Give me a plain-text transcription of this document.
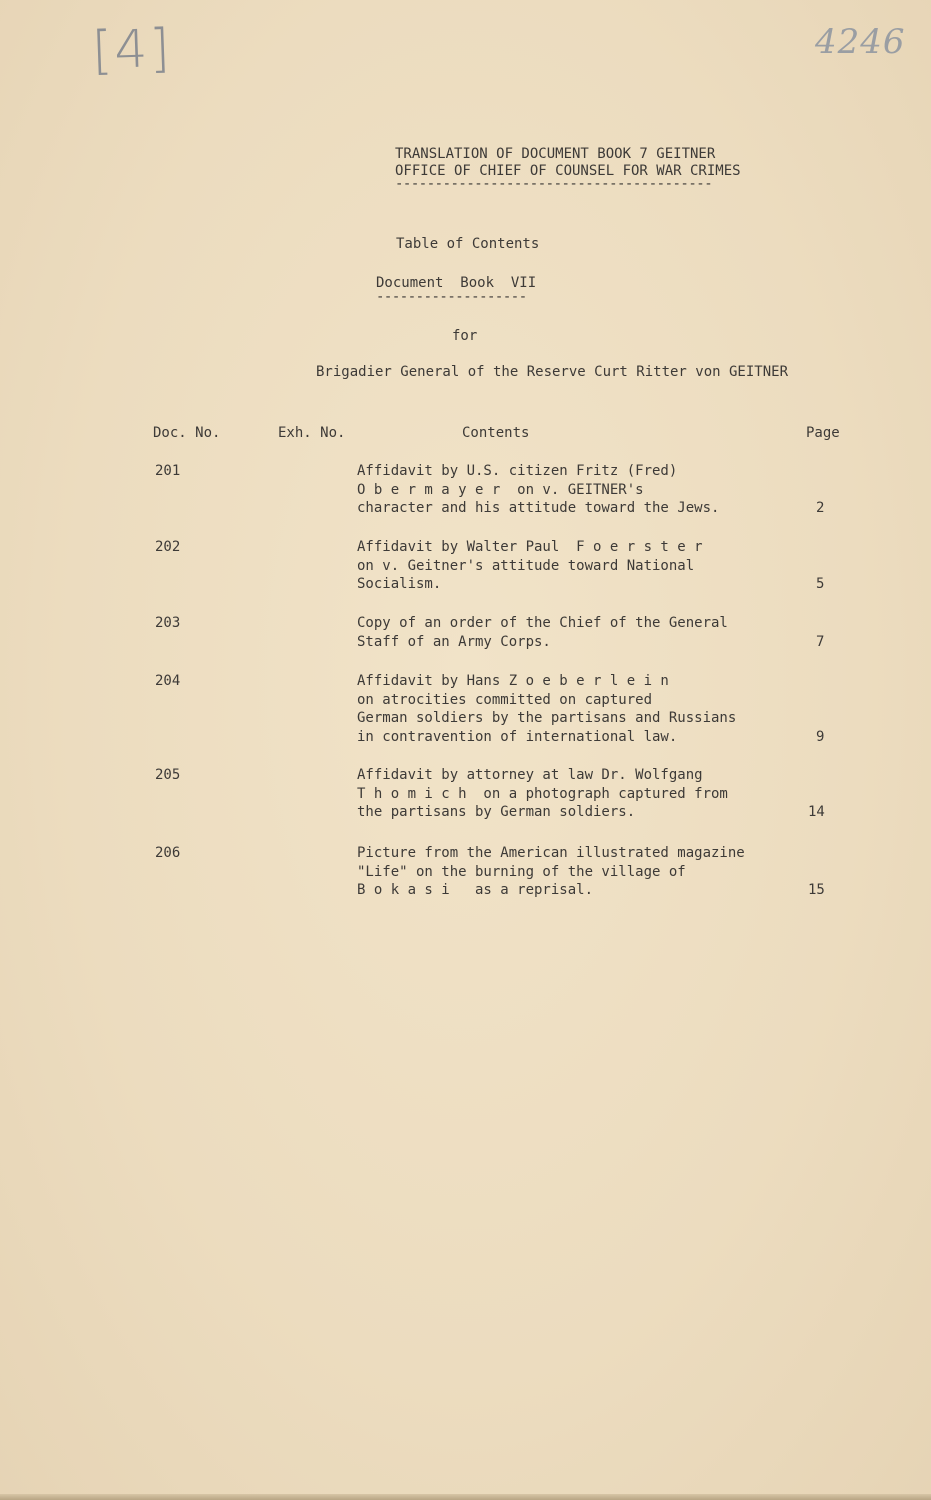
[4]	4246
TRANSLATION OF DOCUMENT BOOK 7 GEITNER
OFFICE OF CHIEF OF COUNSEL FOR WAR CRIMES
----------------------------------------
Table of Contents
Document  Book  VII
-------------------
for
Brigadier General of the Reserve Curt Ritter von GEITNER
Doc. No.	Exh. No.	Contents	Page
201	Affidavit by U.S. citizen Fritz (Fred)
O b e r m a y e r  on v. GEITNER's
character and his attitude toward the Jews.	2
202	Affidavit by Walter Paul  F o e r s t e r
on v. Geitner's attitude toward National
Socialism.	5
203	Copy of an order of the Chief of the General
Staff of an Army Corps.	7
204	Affidavit by Hans Z o e b e r l e i n
on atrocities committed on captured
German soldiers by the partisans and Russians
in contravention of international law.	9
205	Affidavit by attorney at law Dr. Wolfgang
T h o m i c h  on a photograph captured from
the partisans by German soldiers.	14
206	Picture from the American illustrated magazine
"Life" on the burning of the village of
B o k a s i   as a reprisal.	15
